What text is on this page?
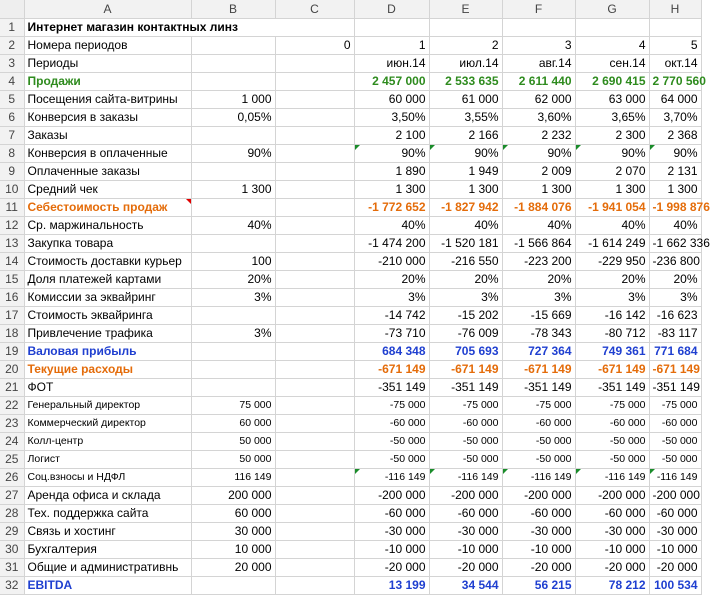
	A	B	C	D	E	F	G	H
1	Интернет магазин контактных линз							
2	Номера периодов		0	1	2	3	4	5
3	Периоды			июн.14	июл.14	авг.14	сен.14	окт.14
4	Продажи			2 457 000	2 533 635	2 611 440	2 690 415	2 770 560
5	Посещения сайта-витрины	1 000		60 000	61 000	62 000	63 000	64 000
6	Конверсия в заказы	0,05%		3,50%	3,55%	3,60%	3,65%	3,70%
7	Заказы			2 100	2 166	2 232	2 300	2 368
8	Конверсия в оплаченные	90%		90%	90%	90%	90%	90%
9	Оплаченные заказы			1 890	1 949	2 009	2 070	2 131
10	Средний чек	1 300		1 300	1 300	1 300	1 300	1 300
11	Себестоимость продаж			-1 772 652	-1 827 942	-1 884 076	-1 941 054	-1 998 876
12	Ср. маржинальность	40%		40%	40%	40%	40%	40%
13	Закупка товара			-1 474 200	-1 520 181	-1 566 864	-1 614 249	-1 662 336
14	Стоимость доставки курьер	100		-210 000	-216 550	-223 200	-229 950	-236 800
15	Доля платежей картами	20%		20%	20%	20%	20%	20%
16	Комиссии за эквайринг	3%		3%	3%	3%	3%	3%
17	Стоимость эквайринга			-14 742	-15 202	-15 669	-16 142	-16 623
18	Привлечение трафика	3%		-73 710	-76 009	-78 343	-80 712	-83 117
19	Валовая прибыль			684 348	705 693	727 364	749 361	771 684
20	Текущие расходы			-671 149	-671 149	-671 149	-671 149	-671 149
21	ФОТ			-351 149	-351 149	-351 149	-351 149	-351 149
22	Генеральный директор	75 000		-75 000	-75 000	-75 000	-75 000	-75 000
23	Коммерческий директор	60 000		-60 000	-60 000	-60 000	-60 000	-60 000
24	Колл-центр	50 000		-50 000	-50 000	-50 000	-50 000	-50 000
25	Логист	50 000		-50 000	-50 000	-50 000	-50 000	-50 000
26	Соц.взносы и НДФЛ	116 149		-116 149	-116 149	-116 149	-116 149	-116 149
27	Аренда офиса и склада	200 000		-200 000	-200 000	-200 000	-200 000	-200 000
28	Тех. поддержка сайта	60 000		-60 000	-60 000	-60 000	-60 000	-60 000
29	Связь и хостинг	30 000		-30 000	-30 000	-30 000	-30 000	-30 000
30	Бухгалтерия	10 000		-10 000	-10 000	-10 000	-10 000	-10 000
31	Общие и административнь	20 000		-20 000	-20 000	-20 000	-20 000	-20 000
32	EBITDA			13 199	34 544	56 215	78 212	100 534
